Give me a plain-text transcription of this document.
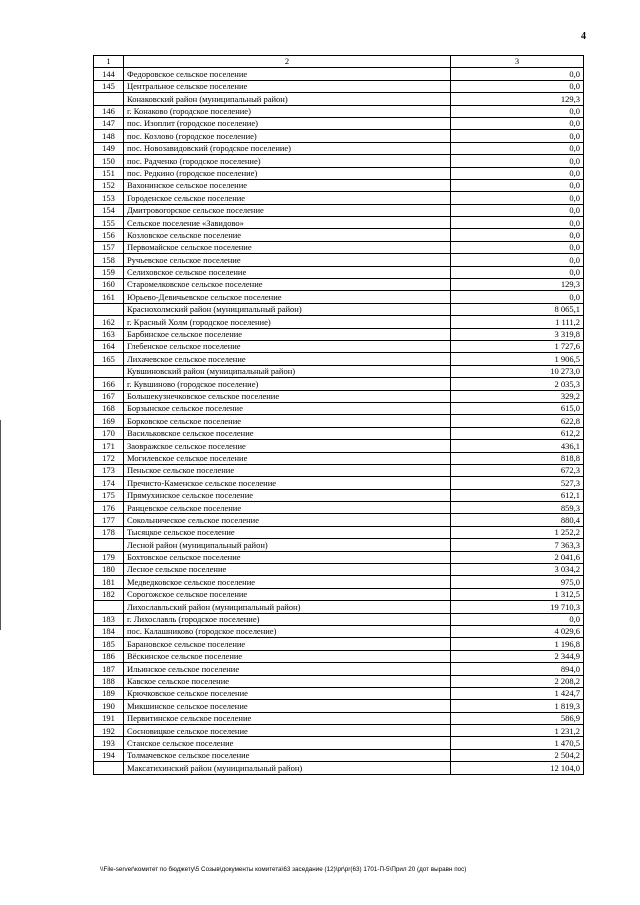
4
1	2	3
144	Федоровское сельское поселение	0,0
145	Центральное сельское поселение	0,0
	Конаковский район (муниципальный район)	129,3
146	г. Конаково (городское поселение)	0,0
147	пос. Изоплит (городское поселение)	0,0
148	пос. Козлово (городское поселение)	0,0
149	пос. Новозавидовский (городское поселение)	0,0
150	пос. Радченко (городское поселение)	0,0
151	пос. Редкино (городское поселение)	0,0
152	Вахонинское сельское поселение	0,0
153	Городенское сельское поселение	0,0
154	Дмитровогорское сельское поселение	0,0
155	Сельское поселение «Завидово»	0,0
156	Козловское сельское поселение	0,0
157	Первомайское сельское поселение	0,0
158	Ручьевское сельское поселение	0,0
159	Селиховское сельское поселение	0,0
160	Старомелковское сельское поселение	129,3
161	Юрьево-Девичьевское сельское поселение	0,0
	Краснохолмский район (муниципальный район)	8 065,1
162	г. Красный Холм (городское поселение)	1 111,2
163	Барбинское сельское поселение	3 319,8
164	Глебенское сельское поселение	1 727,6
165	Лихачевское сельское поселение	1 906,5
	Кувшиновский район (муниципальный район)	10 273,0
166	г. Кувшиново (городское поселение)	2 035,3
167	Большекузнечковское сельское поселение	329,2
168	Борзынское сельское поселение	615,0
169	Борковское сельское поселение	622,8
170	Васильковское сельское поселение	612,2
171	Заовражское сельское поселение	436,1
172	Могилевское сельское поселение	818,8
173	Пеньское сельское поселение	672,3
174	Пречисто-Каменское сельское поселение	527,3
175	Прямухинское сельское поселение	612,1
176	Ранцевское сельское поселение	859,3
177	Сокольническое сельское поселение	880,4
178	Тысяцкое сельское поселение	1 252,2
	Лесной район (муниципальный район)	7 363,3
179	Бохтовское сельское поселение	2 041,6
180	Лесное сельское поселение	3 034,2
181	Медведковское сельское поселение	975,0
182	Сорогожское сельское поселение	1 312,5
	Лихославльский район (муниципальный район)	19 710,3
183	г. Лихославль (городское поселение)	0,0
184	пос. Калашниково (городское поселение)	4 029,6
185	Барановское сельское поселение	1 196,8
186	Вёскинское сельское поселение	2 344,9
187	Ильинское сельское поселение	894,0
188	Кавское сельское поселение	2 208,2
189	Крючковское сельское поселение	1 424,7
190	Микшинское сельское поселение	1 819,3
191	Первитинское сельское поселение	586,9
192	Сосновицкое сельское поселение	1 231,2
193	Станское сельское поселение	1 470,5
194	Толмачевское сельское поселение	2 504,2
	Максатихинский район (муниципальный район)	12 104,0
\\File-server\комитет по бюджету\5 Созыв\документы комитета\63 заседание (12)\pr\pr(63) 1701-П-5\Прил 20 (дот выравн пос)
